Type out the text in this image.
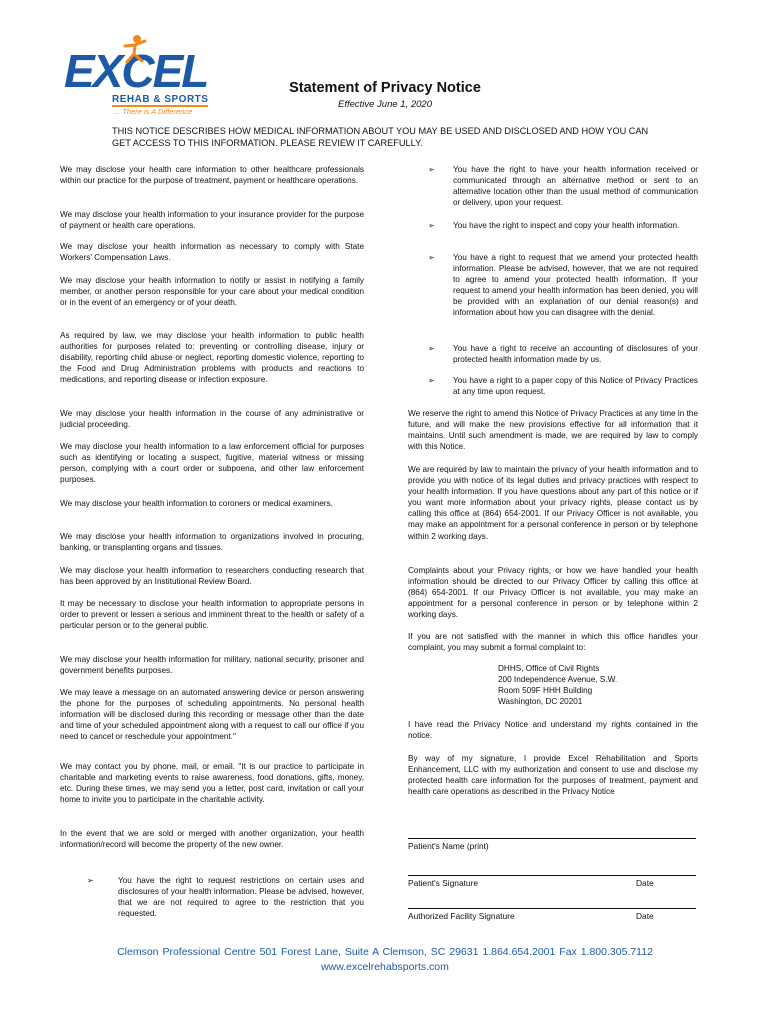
EXCEL
REHAB & SPORTS
... There is A Difference
Statement of Privacy Notice
Effective June 1, 2020
THIS NOTICE DESCRIBES HOW MEDICAL INFORMATION ABOUT YOU MAY BE USED AND DISCLOSED AND HOW YOU CAN GET ACCESS TO THIS INFORMATION. PLEASE REVIEW IT CAREFULLY.

We may disclose your health care information to other healthcare professionals within our practice for the purpose of treatment, payment or healthcare operations.

We may disclose your health information to your insurance provider for the purpose of payment or health care operations.

We may disclose your health information as necessary to comply with State Workers' Compensation Laws.

We may disclose your health information to notify or assist in notifying a family member, or another person responsible for your care about your medical condition or in the event of an emergency or of your death.

As required by law, we may disclose your health information to public health authorities for purposes related to: preventing or controlling disease, injury or disability, reporting child abuse or neglect, reporting domestic violence, reporting to the Food and Drug Administration problems with products and reactions to medications, and reporting disease or infection exposure.

We may disclose your health information in the course of any administrative or judicial proceeding.

We may disclose your health information to a law enforcement official for purposes such as identifying or locating a suspect, fugitive, material witness or missing person, complying with a court order or subpoena, and other law enforcement purposes.

We may disclose your health information to coroners or medical examiners.

We may disclose your health information to organizations involved in procuring, banking, or transplanting organs and tissues.

We may disclose your health information to researchers conducting research that has been approved by an Institutional Review Board.

It may be necessary to disclose your health information to appropriate persons in order to prevent or lessen a serious and imminent threat to the health or safety of a particular person or to the general public.

We may disclose your health information for military, national security, prisoner and government benefits purposes.

We may leave a message on an automated answering device or person answering the phone for the purposes of scheduling appointments. No personal health information will be disclosed during this recording or message other than the date and time of your scheduled appointment along with a request to call our office if you need to cancel or reschedule your appointment."

We may contact you by phone, mail, or email. "It is our practice to participate in charitable and marketing events to raise awareness, food donations, gifts, money, etc. During these times, we may send you a letter, post card, invitation or call your home to invite you to participate in the charitable activity.

In the event that we are sold or merged with another organization, your health information/record will become the property of the new owner.

➢	You have the right to request restrictions on certain uses and disclosures of your health information. Please be advised, however, that we are not required to agree to the restriction that you requested.

➢ You have the right to have your health information received or communicated through an alternative method or sent to an alternative location other than the usual method of communication or delivery, upon your request.

➢ You have the right to inspect and copy your health information.

➢ You have a right to request that we amend your protected health information. Please be advised, however, that we are not required to agree to amend your protected health information. If your request to amend your health information has been denied, you will be provided with an explanation of our denial reason(s) and information about how you can disagree with the denial.

➢ You have a right to receive an accounting of disclosures of your protected health information made by us.

➢ You have a right to a paper copy of this Notice of Privacy Practices at any time upon request.

We reserve the right to amend this Notice of Privacy Practices at any time in the future, and will make the new provisions effective for all information that it maintains. Until such amendment is made, we are required by law to comply with this Notice.

We are required by law to maintain the privacy of your health information and to provide you with notice of its legal duties and privacy practices with respect to your health information. If you have questions about any part of this notice or if you want more information about your privacy rights, please contact us by calling this office at (864) 654-2001. If our Privacy Officer is not available, you may make an appointment for a personal conference in person or by telephone within 2 working days.

Complaints about your Privacy rights, or how we have handled your health information should be directed to our Privacy Officer by calling this office at (864) 654-2001. If our Privacy Officer is not available, you may make an appointment for a personal conference in person or by telephone within 2 working days.

If you are not satisfied with the manner in which this office handles your complaint, you may submit a formal complaint to:

DHHS, Office of Civil Rights
200 Independence Avenue, S.W.
Room 509F HHH Building
Washington, DC 20201

I have read the Privacy Notice and understand my rights contained in the notice.

By way of my signature, I provide Excel Rehabilitation and Sports Enhancement, LLC with my authorization and consent to use and disclose my protected health care information for the purposes of treatment, payment and health care operations as described in the Privacy Notice

Patient's Name (print)
Patient's Signature	Date
Authorized Facility Signature	Date
Clemson Professional Centre 501 Forest Lane, Suite A Clemson, SC 29631 1.864.654.2001 Fax 1.800.305.7112
www.excelrehabsports.com
